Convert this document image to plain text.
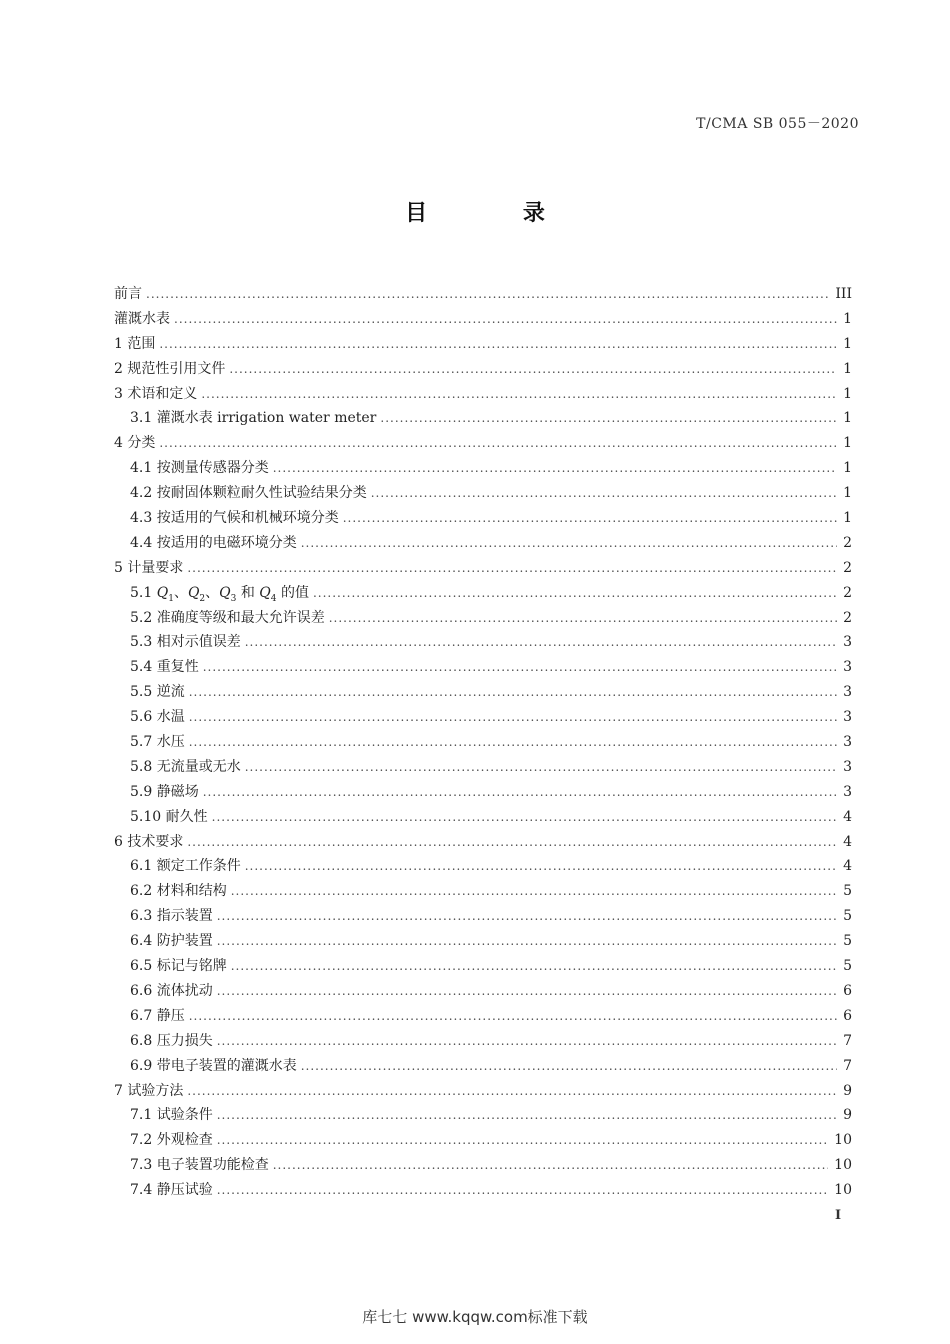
T/CMA SB 055－2020
目 录
前言 .....	III
灌溉水表 .....	1
1 范围 .....	1
2 规范性引用文件 .....	1
3 术语和定义 .....	1
3.1 灌溉水表 irrigation water meter .....	1
4 分类 .....	1
4.1 按测量传感器分类 .....	1
4.2 按耐固体颗粒耐久性试验结果分类 .....	1
4.3 按适用的气候和机械环境分类 .....	1
4.4 按适用的电磁环境分类 .....	2
5 计量要求 .....	2
5.1 $Q_1$、$Q_2$、$Q_3$ 和 $Q_4$ 的值 .....	2
5.2 准确度等级和最大允许误差 .....	2
5.3 相对示值误差 .....	3
5.4 重复性 .....	3
5.5 逆流 .....	3
5.6 水温 .....	3
5.7 水压 .....	3
5.8 无流量或无水 .....	3
5.9 静磁场 .....	3
5.10 耐久性 .....	4
6 技术要求 .....	4
6.1 额定工作条件 .....	4
6.2 材料和结构 .....	5
6.3 指示装置 .....	5
6.4 防护装置 .....	5
6.5 标记与铭牌 .....	5
6.6 流体扰动 .....	6
6.7 静压 .....	6
6.8 压力损失 .....	7
6.9 带电子装置的灌溉水表 .....	7
7 试验方法 .....	9
7.1 试验条件 .....	9
7.2 外观检查 .....	10
7.3 电子装置功能检查 .....	10
7.4 静压试验 .....	10
I
库七七 www.kqqw.com标准下载
